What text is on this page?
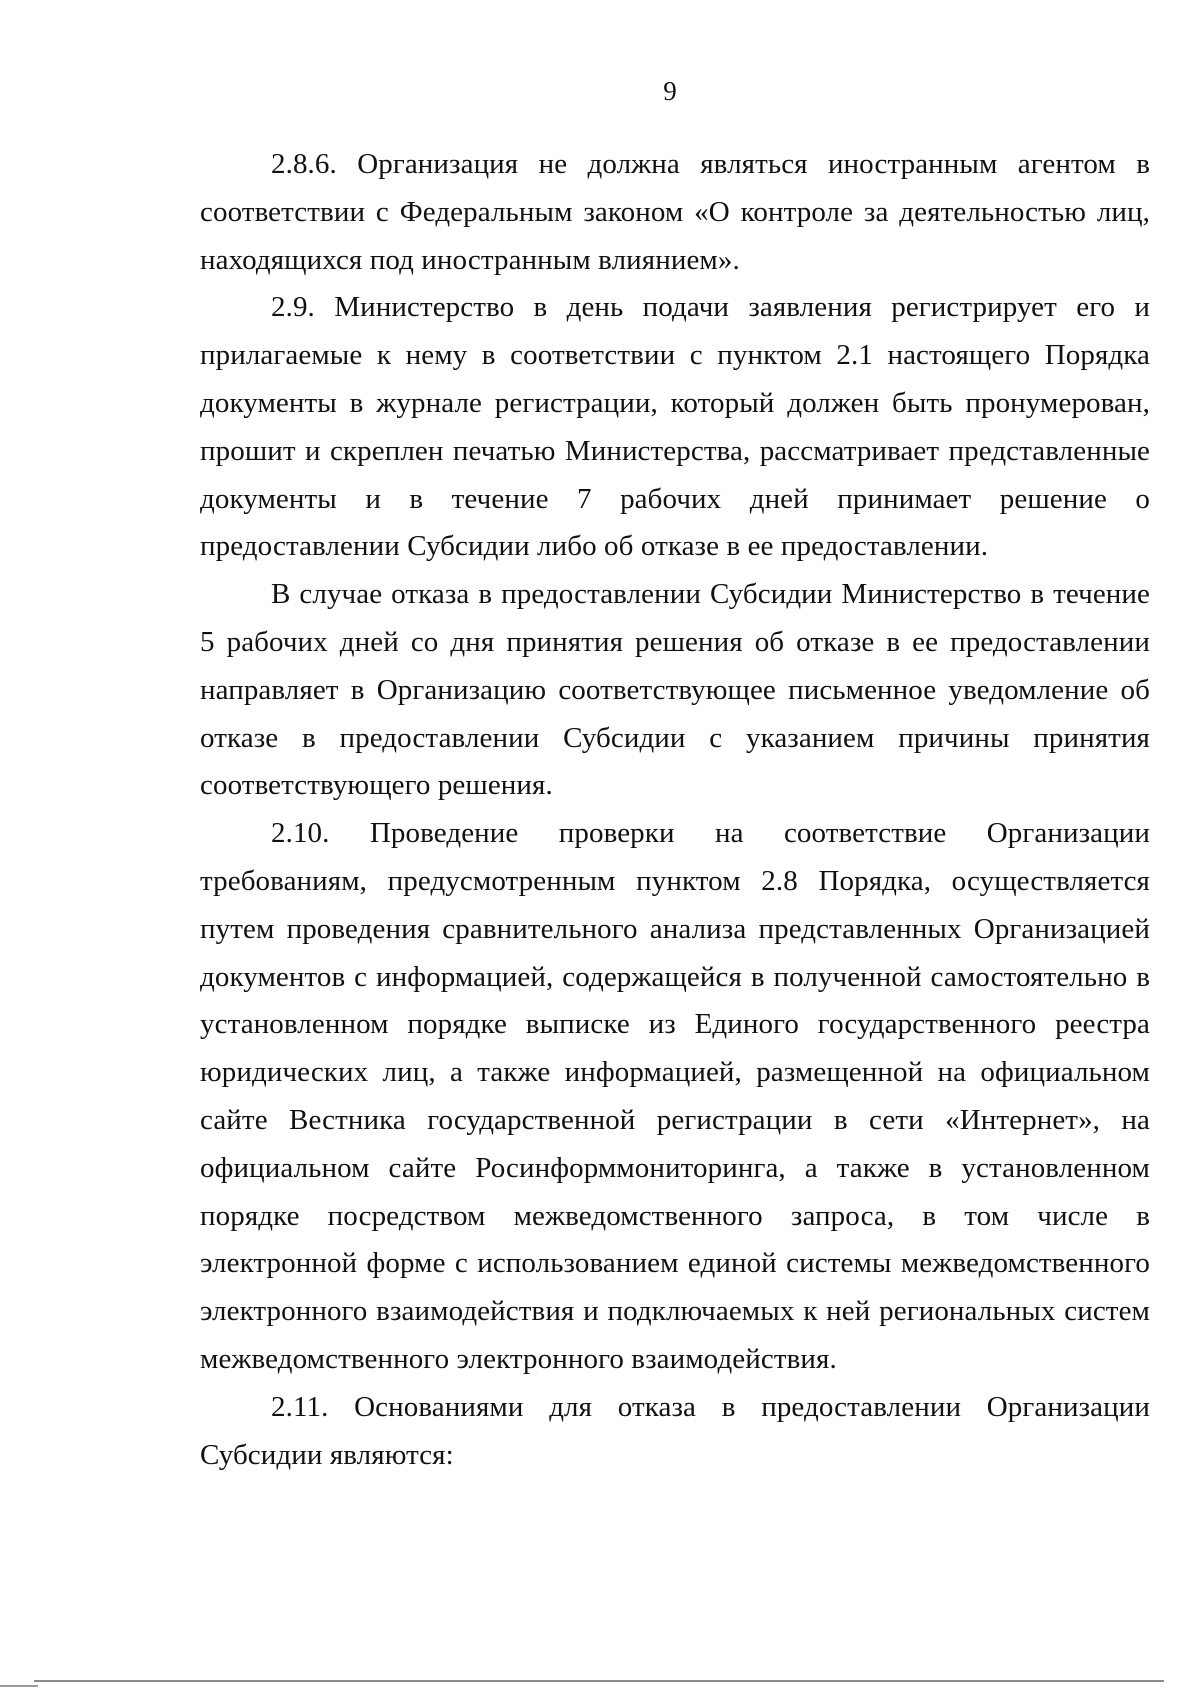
9

2.8.6. Организация не должна являться иностранным агентом в соответствии с Федеральным законом «О контроле за деятельностью лиц, находящихся под иностранным влиянием».

2.9. Министерство в день подачи заявления регистрирует его и прилагаемые к нему в соответствии с пунктом 2.1 настоящего Порядка документы в журнале регистрации, который должен быть пронумерован, прошит и скреплен печатью Министерства, рассматривает представленные документы и в течение 7 рабочих дней принимает решение о предоставлении Субсидии либо об отказе в ее предоставлении.

В случае отказа в предоставлении Субсидии Министерство в течение 5 рабочих дней со дня принятия решения об отказе в ее предоставлении направляет в Организацию соответствующее письменное уведомление об отказе в предоставлении Субсидии с указанием причины принятия соответствующего решения.

2.10. Проведение проверки на соответствие Организации требованиям, предусмотренным пунктом 2.8 Порядка, осуществляется путем проведения сравнительного анализа представленных Организацией документов с информацией, содержащейся в полученной самостоятельно в установленном порядке выписке из Единого государственного реестра юридических лиц, а также информацией, размещенной на официальном сайте Вестника государственной регистрации в сети «Интернет», на официальном сайте Росинформмониторинга, а также в установленном порядке посредством межведомственного запроса, в том числе в электронной форме с использованием единой системы межведомственного электронного взаимодействия и подключаемых к ней региональных систем межведомственного электронного взаимодействия.

2.11. Основаниями для отказа в предоставлении Организации Субсидии являются:
